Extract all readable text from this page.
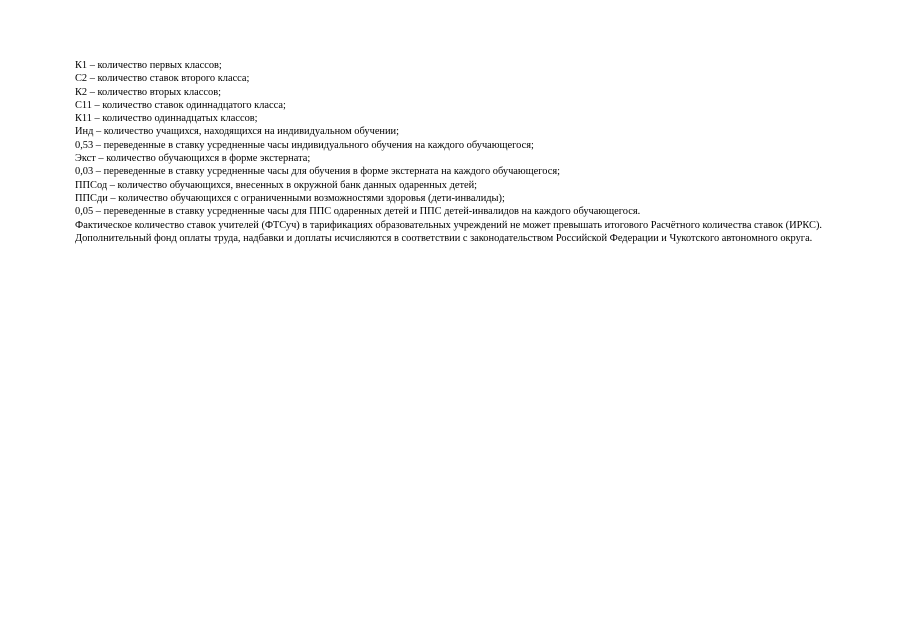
К1 – количество первых классов;

С2 – количество ставок второго класса;

К2 – количество вторых классов;

С11 – количество ставок одиннадцатого класса;

К11 – количество одиннадцатых классов;

Инд – количество учащихся, находящихся на индивидуальном обучении;

0,53 – переведенные в ставку усредненные часы индивидуального обучения на каждого обучающегося;

Экст – количество обучающихся в форме экстерната;

0,03 – переведенные в ставку усредненные часы для обучения в форме экстерната на каждого обучающегося;

ППСод – количество обучающихся, внесенных в окружной банк данных одаренных детей;

ППСди – количество обучающихся с ограниченными возможностями здоровья (дети-инвалиды);

0,05 – переведенные в ставку усредненные часы для ППС одаренных детей и ППС детей-инвалидов на каждого обучающегося.

Фактическое количество ставок учителей (ФТСуч) в тарификациях образовательных учреждений не может превышать итогового Расчётного количества ставок (ИРКС).

Дополнительный фонд оплаты труда, надбавки и доплаты исчисляются в соответствии с законодательством Российской Федерации и Чукотского автономного округа.
